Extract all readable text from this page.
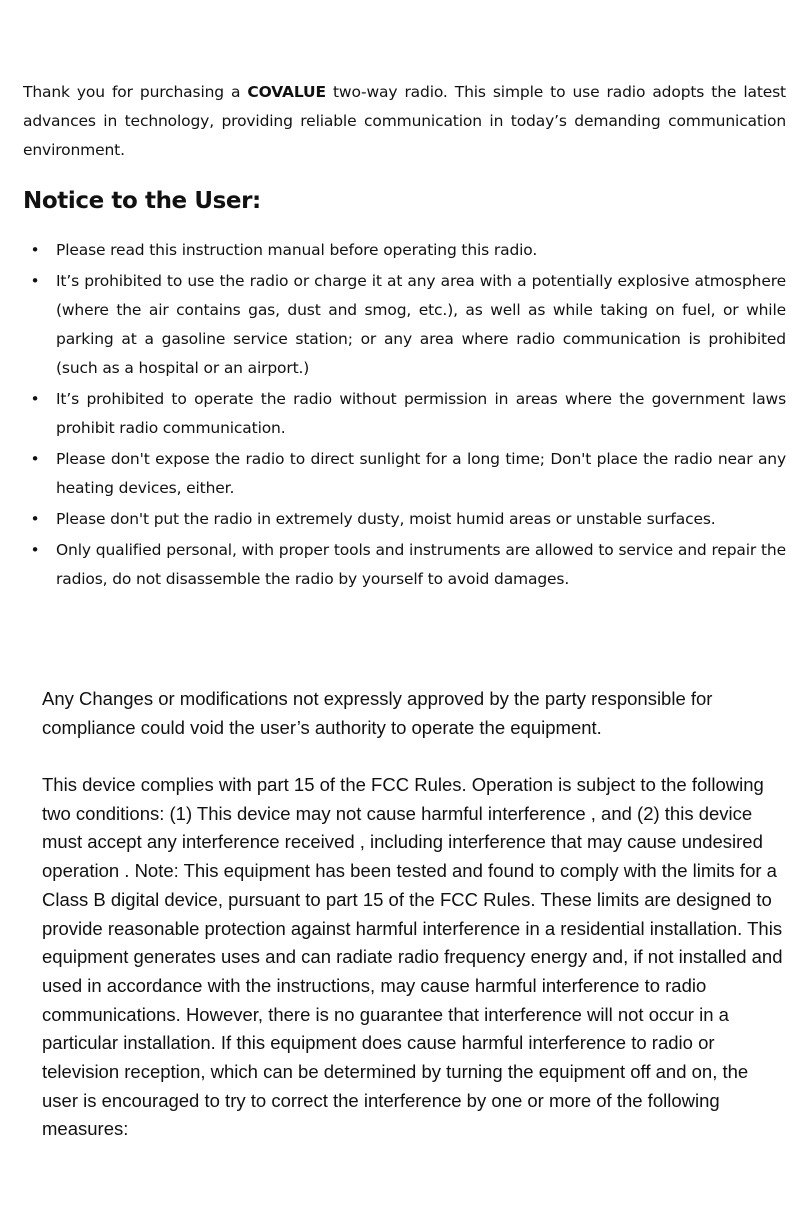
Thank you for purchasing a COVALUE two-way radio. This simple to use radio adopts the latest advances in technology, providing reliable communication in today’s demanding communication environment.

Notice to the User:
• Please read this instruction manual before operating this radio.
• It’s prohibited to use the radio or charge it at any area with a potentially explosive atmosphere (where the air contains gas, dust and smog, etc.), as well as while taking on fuel, or while parking at a gasoline service station; or any area where radio communication is prohibited (such as a hospital or an airport.)
• It’s prohibited to operate the radio without permission in areas where the government laws prohibit radio communication.
• Please don't expose the radio to direct sunlight for a long time; Don't place the radio near any heating devices, either.
• Please don't put the radio in extremely dusty, moist humid areas or unstable surfaces.
• Only qualified personal, with proper tools and instruments are allowed to service and repair the radios, do not disassemble the radio by yourself to avoid damages.

Any Changes or modifications not expressly approved by the party responsible for compliance could void the user’s authority to operate the equipment.

This device complies with part 15 of the FCC Rules. Operation is subject to the following two conditions: (1) This device may not cause harmful interference , and (2) this device must accept any interference received , including interference that may cause undesired operation . Note: This equipment has been tested and found to comply with the limits for a Class B digital device, pursuant to part 15 of the FCC Rules. These limits are designed to provide reasonable protection against harmful interference in a residential installation. This equipment generates uses and can radiate radio frequency energy and, if not installed and used in accordance with the instructions, may cause harmful interference to radio communications. However, there is no guarantee that interference will not occur in a particular installation. If this equipment does cause harmful interference to radio or television reception, which can be determined by turning the equipment off and on, the user is encouraged to try to correct the interference by one or more of the following measures:
